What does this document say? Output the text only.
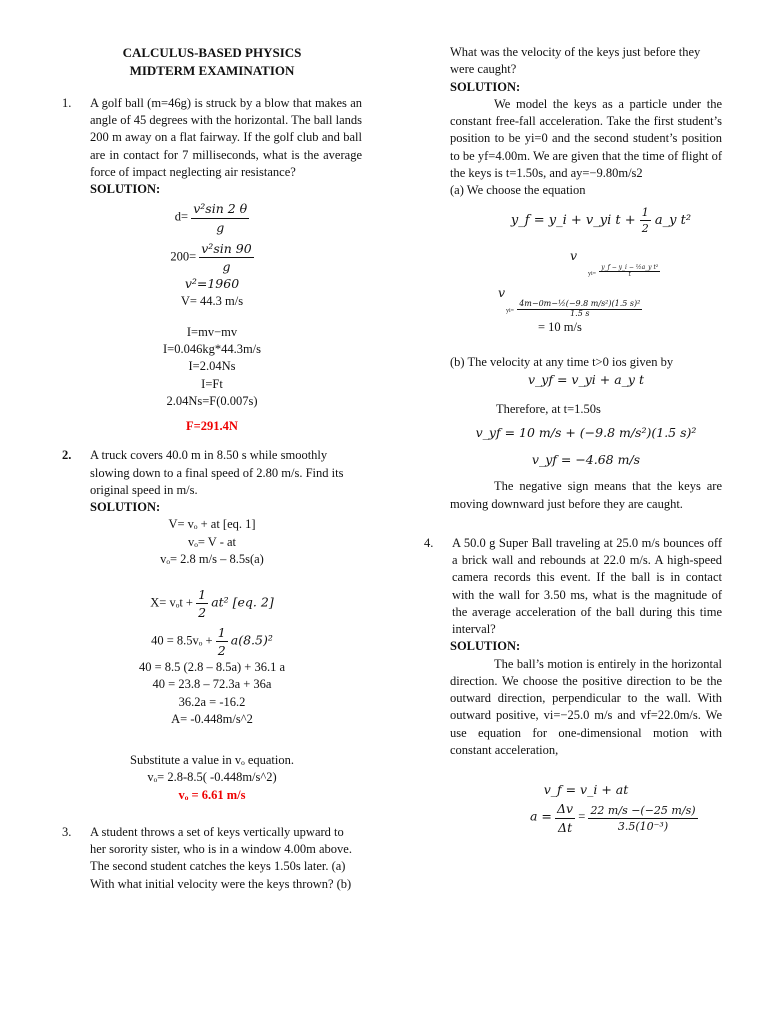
CALCULUS-BASED PHYSICS
MIDTERM EXAMINATION
1.	A golf ball (m=46g) is struck by a blow that makes an angle of 45 degrees with the horizontal. The ball lands 200 m away on a flat fairway. If the golf club and ball are in contact for 7 milliseconds, what is the average force of impact neglecting air resistance?
SOLUTION:
$d= \frac{\text{v²sin 2 θ}}{g}$
$200= \frac{\text{v²sin 90}}{g}$
v²=1960
V= 44.3 m/s
I=mv−mv
I=0.046kg*44.3m/s
I=2.04Ns
I=Ft
2.04Ns=F(0.007s)
F=291.4N
2.	A truck covers 40.0 m in 8.50 s while smoothly slowing down to a final speed of 2.80 m/s. Find its original speed in m/s.
SOLUTION:
V= vₒ + at [eq. 1]
vₒ= V - at
vₒ= 2.8 m/s – 8.5s(a)
$X= v_ot + \frac{1}{2} at^2$ [eq. 2]
$40 = 8.5v_o + \frac{1}{2} a(8.5)^2$
40 = 8.5 (2.8 – 8.5a) + 36.1 a
40 = 23.8 – 72.3a + 36a
36.2a = -16.2
A= -0.448m/s^2
Substitute a value in vₒ equation.
vₒ= 2.8-8.5( -0.448m/s^2)
vₒ = 6.61 m/s
3.	A student throws a set of keys vertically upward to her sorority sister, who is in a window 4.00m above. The second student catches the keys 1.50s later. (a) With what initial velocity were the keys thrown? (b)

What was the velocity of the keys just before they were caught?

SOLUTION:

We model the keys as a particle under the constant free-fall acceleration. Take the first student’s position to be yi=0 and the second student’s position to be yf=4.00m. We are given that the time of flight of the keys is t=1.50s, and ay=−9.80m/s2

(a) We choose the equation

y_f = y_i + v_yi $t + \frac{1}{2}$ a_y t²
v
$yi= \frac{\text{y\_f − y\_i − ½a\_y t²}}{t}$
v
$yi= \frac{\text{4m−0m−½(−9.8 m/s²)(1.5 s)²}}{1.5 s}$
= 10 m/s

(b) The velocity at any time t>0 ios given by

v_yf = v_yi + a_y t

Therefore, at t=1.50s

v_yf = 10 m/s + (−9.8 m/s²)(1.5 s)²
v_yf = −4.68 m/s

The negative sign means that the keys are moving downward just before they are caught.

4.	A 50.0 g Super Ball traveling at 25.0 m/s bounces off a brick wall and rebounds at 22.0 m/s. A high-speed camera records this event. If the ball is in contact with the wall for 3.50 ms, what is the magnitude of the average acceleration of the ball during this time interval?
SOLUTION:

The ball’s motion is entirely in the horizontal direction. We choose the positive direction to be the outward direction, perpendicular to the wall. With outward positive, vi=−25.0 m/s and vf=22.0m/s. We use equation for one-dimensional motion with constant acceleration,

v_f = v_i + at
$a = \frac{\Delta v}{\Delta t} = \frac{22 m/s -(-25 m/s)}{\text{3.5(10⁻³)}}$
